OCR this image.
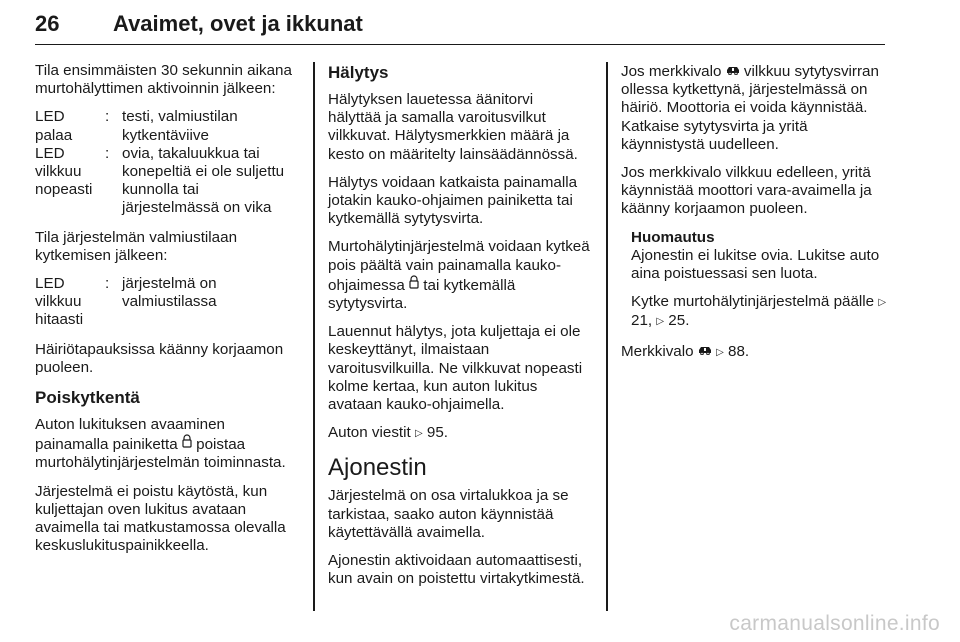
26 Avaimet, ovet ja ikkunat

Tila ensimmäisten 30 sekunnin aikana murtohälyttimen aktivoinnin jälkeen:

LED palaa	:	testi, valmiustilan kytkentäviive
LED vilkkuu nopeasti	:	ovia, takaluukkua tai konepeltiä ei ole suljettu kunnolla tai järjestelmässä on vika

Tila järjestelmän valmiustilaan kytkemisen jälkeen:

LED vilkkuu hitaasti	:	järjestelmä on valmiustilassa

Häiriötapauksissa käänny korjaamon puoleen.

Poiskytkentä

Auton lukituksen avaaminen painamalla painiketta poistaa murtohälytinjärjestelmän toiminnasta.

Järjestelmä ei poistu käytöstä, kun kuljettajan oven lukitus avataan avaimella tai matkustamossa olevalla keskuslukituspainikkeella.

Hälytys

Hälytyksen lauetessa äänitorvi hälyttää ja samalla varoitusvilkut vilkkuvat. Hälytysmerkkien määrä ja kesto on määritelty lainsäädännössä.

Hälytys voidaan katkaista painamalla jotakin kauko-ohjaimen painiketta tai kytkemällä sytytysvirta.

Murtohälytinjärjestelmä voidaan kytkeä pois päältä vain painamalla kauko-ohjaimessa tai kytkemällä sytytysvirta.

Lauennut hälytys, jota kuljettaja ei ole keskeyttänyt, ilmaistaan varoitusvilkuilla. Ne vilkkuvat nopeasti kolme kertaa, kun auton lukitus avataan kauko-ohjaimella.

Auton viestit ▷ 95.

Ajonestin

Järjestelmä on osa virtalukkoa ja se tarkistaa, saako auton käynnistää käytettävällä avaimella.

Ajonestin aktivoidaan automaattisesti, kun avain on poistettu virtakytkimestä.

Jos merkkivalo vilkkuu sytytysvirran ollessa kytkettynä, järjestelmässä on häiriö. Moottoria ei voida käynnistää. Katkaise sytytysvirta ja yritä käynnistystä uudelleen.

Jos merkkivalo vilkkuu edelleen, yritä käynnistää moottori vara-avaimella ja käänny korjaamon puoleen.

Huomautus

Ajonestin ei lukitse ovia. Lukitse auto aina poistuessasi sen luota.

Kytke murtohälytinjärjestelmä päälle ▷ 21, ▷ 25.

Merkkivalo ▷ 88.

carmanualsonline.info
